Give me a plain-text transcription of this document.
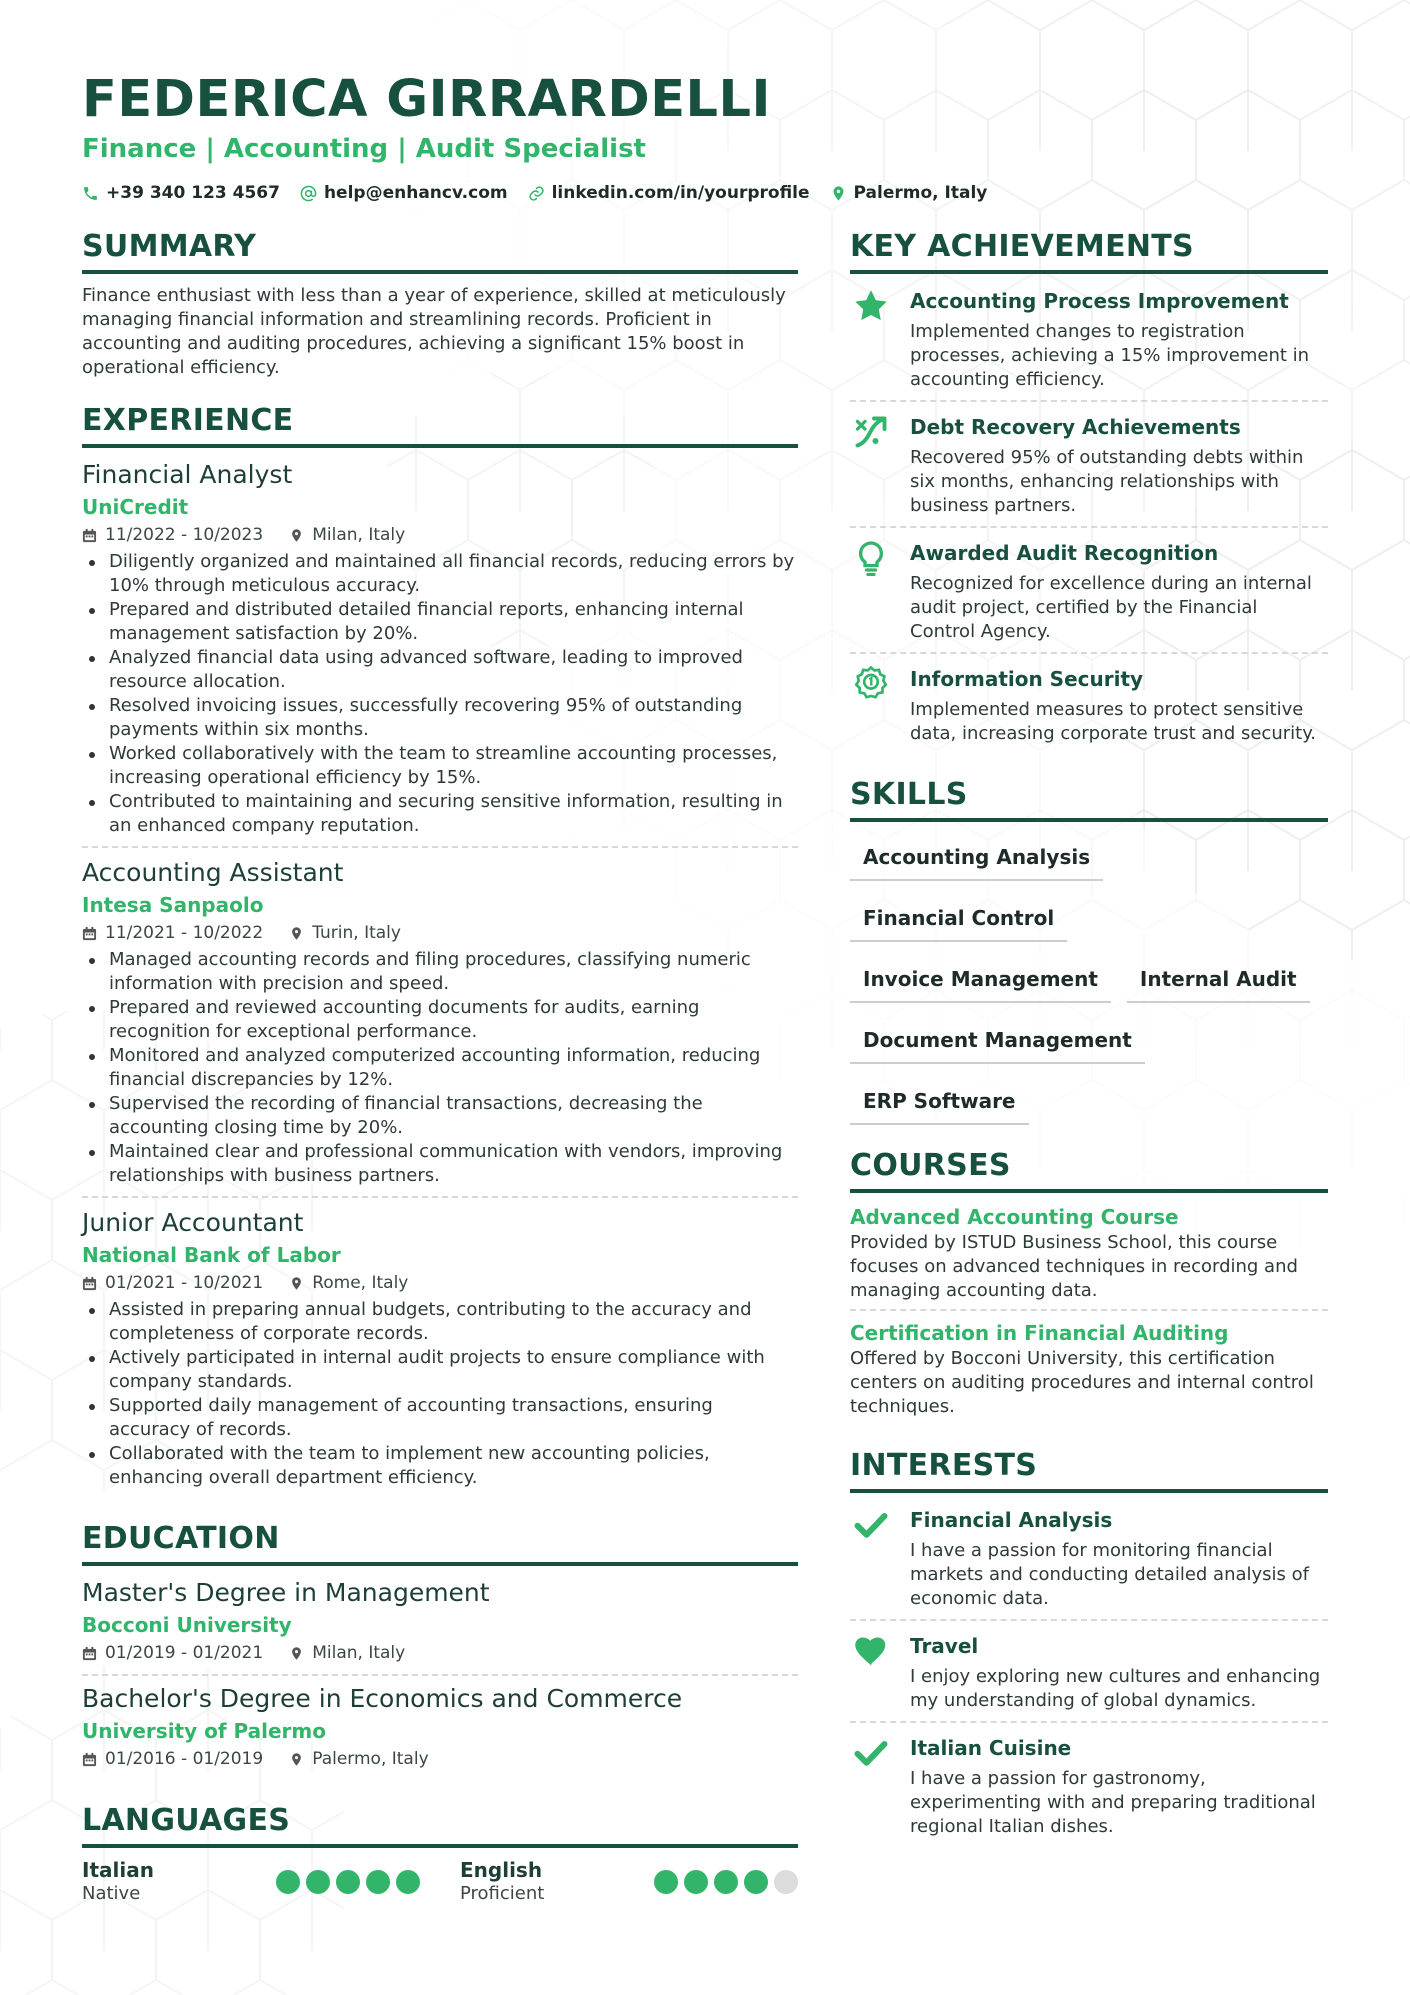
FEDERICA GIRRARDELLI
Finance | Accounting | Audit Specialist
+39 340 123 4567	help@enhancv.com	linkedin.com/in/yourprofile	Palermo, Italy
SUMMARY

Finance enthusiast with less than a year of experience, skilled at meticulously managing financial information and streamlining records. Proficient in accounting and auditing procedures, achieving a significant 15% boost in operational efficiency.

EXPERIENCE
Financial Analyst
UniCredit
11/2022 - 10/2023	Milan, Italy
Diligently organized and maintained all financial records, reducing errors by 10% through meticulous accuracy.
Prepared and distributed detailed financial reports, enhancing internal management satisfaction by 20%.
Analyzed financial data using advanced software, leading to improved resource allocation.
Resolved invoicing issues, successfully recovering 95% of outstanding payments within six months.
Worked collaboratively with the team to streamline accounting processes, increasing operational efficiency by 15%.
Contributed to maintaining and securing sensitive information, resulting in an enhanced company reputation.
Accounting Assistant
Intesa Sanpaolo
11/2021 - 10/2022	Turin, Italy
Managed accounting records and filing procedures, classifying numeric information with precision and speed.
Prepared and reviewed accounting documents for audits, earning recognition for exceptional performance.
Monitored and analyzed computerized accounting information, reducing financial discrepancies by 12%.
Supervised the recording of financial transactions, decreasing the accounting closing time by 20%.
Maintained clear and professional communication with vendors, improving relationships with business partners.
Junior Accountant
National Bank of Labor
01/2021 - 10/2021	Rome, Italy
Assisted in preparing annual budgets, contributing to the accuracy and completeness of corporate records.
Actively participated in internal audit projects to ensure compliance with company standards.
Supported daily management of accounting transactions, ensuring accuracy of records.
Collaborated with the team to implement new accounting policies, enhancing overall department efficiency.
EDUCATION
Master's Degree in Management
Bocconi University
01/2019 - 01/2021	Milan, Italy
Bachelor's Degree in Economics and Commerce
University of Palermo
01/2016 - 01/2019	Palermo, Italy
LANGUAGES
Italian
Native
English
Proficient
KEY ACHIEVEMENTS
Accounting Process Improvement
Implemented changes to registration processes, achieving a 15% improvement in accounting efficiency.
Debt Recovery Achievements
Recovered 95% of outstanding debts within six months, enhancing relationships with business partners.
Awarded Audit Recognition
Recognized for excellence during an internal audit project, certified by the Financial Control Agency.
Information Security
Implemented measures to protect sensitive data, increasing corporate trust and security.
SKILLS
Accounting Analysis
Financial Control
Invoice Management	Internal Audit
Document Management
ERP Software
COURSES
Advanced Accounting Course
Provided by ISTUD Business School, this course focuses on advanced techniques in recording and managing accounting data.
Certification in Financial Auditing
Offered by Bocconi University, this certification centers on auditing procedures and internal control techniques.
INTERESTS
Financial Analysis
I have a passion for monitoring financial markets and conducting detailed analysis of economic data.
Travel
I enjoy exploring new cultures and enhancing my understanding of global dynamics.
Italian Cuisine
I have a passion for gastronomy, experimenting with and preparing traditional regional Italian dishes.
